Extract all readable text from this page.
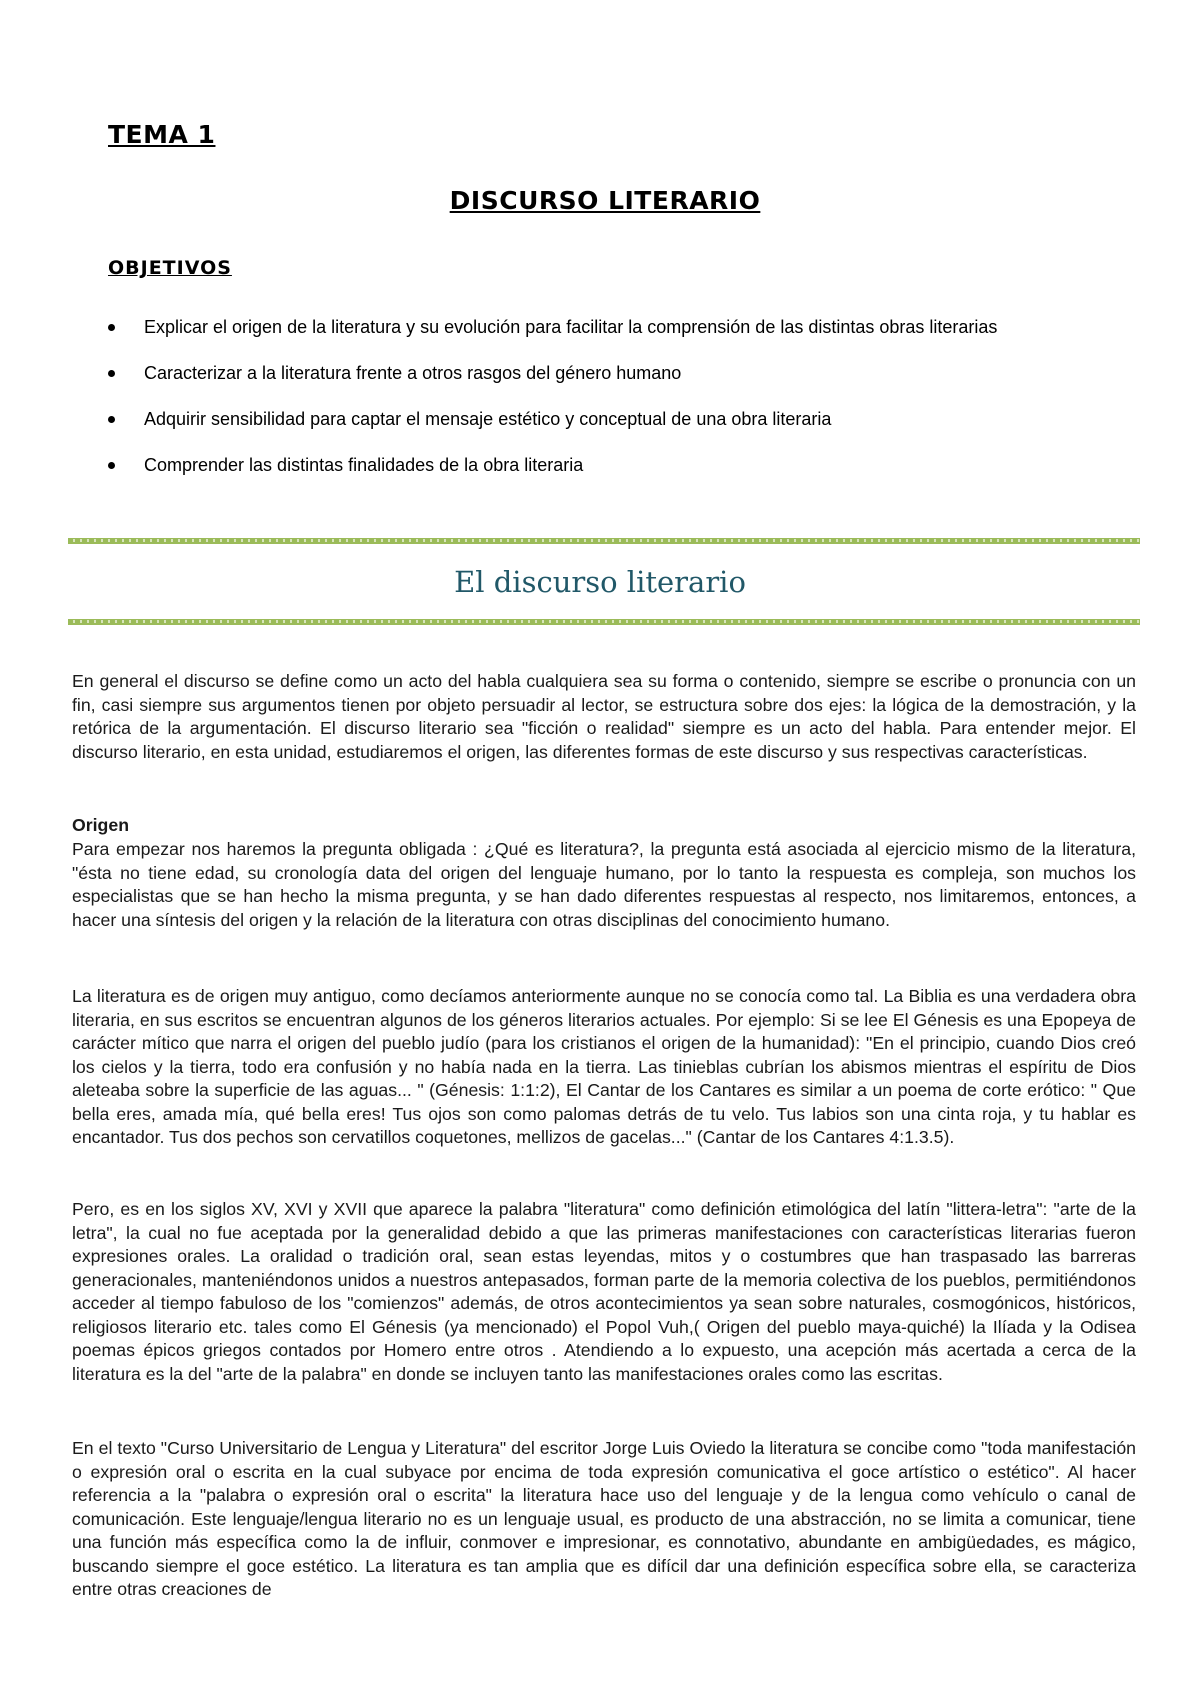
TEMA 1
DISCURSO LITERARIO
OBJETIVOS
Explicar el origen de la literatura y su evolución para facilitar la comprensión de las distintas obras literarias
Caracterizar a la literatura frente a otros rasgos del género humano
Adquirir sensibilidad para captar el mensaje estético y conceptual de una obra literaria
Comprender las distintas finalidades de la obra literaria
El discurso literario

En general el discurso se define como un acto del habla cualquiera sea su forma o contenido, siempre se escribe o pronuncia con un fin, casi siempre sus argumentos tienen por objeto persuadir al lector, se estructura sobre dos ejes: la lógica de la demostración, y la retórica de la argumentación. El discurso literario sea "ficción o realidad" siempre es un acto del habla. Para entender mejor. El discurso literario, en esta unidad, estudiaremos el origen, las diferentes formas de este discurso y sus respectivas características.

Origen

Para empezar nos haremos la pregunta obligada : ¿Qué es literatura?, la pregunta está asociada al ejercicio mismo de la literatura, "ésta no tiene edad, su cronología data del origen del lenguaje humano, por lo tanto la respuesta es compleja, son muchos los especialistas que se han hecho la misma pregunta, y se han dado diferentes respuestas al respecto, nos limitaremos, entonces, a hacer una síntesis del origen y la relación de la literatura con otras disciplinas del conocimiento humano.

La literatura es de origen muy antiguo, como decíamos anteriormente aunque no se conocía como tal. La Biblia es una verdadera obra literaria, en sus escritos se encuentran algunos de los géneros literarios actuales. Por ejemplo: Si se lee El Génesis es una Epopeya de carácter mítico que narra el origen del pueblo judío (para los cristianos el origen de la humanidad): "En el principio, cuando Dios creó los cielos y la tierra, todo era confusión y no había nada en la tierra. Las tinieblas cubrían los abismos mientras el espíritu de Dios aleteaba sobre la superficie de las aguas... " (Génesis: 1:1:2), El Cantar de los Cantares es similar a un poema de corte erótico: " Que bella eres, amada mía, qué bella eres! Tus ojos son como palomas detrás de tu velo. Tus labios son una cinta roja, y tu hablar es encantador. Tus dos pechos son cervatillos coquetones, mellizos de gacelas..." (Cantar de los Cantares 4:1.3.5).

Pero, es en los siglos XV, XVI y XVII que aparece la palabra "literatura" como definición etimológica del latín "littera-letra": "arte de la letra", la cual no fue aceptada por la generalidad debido a que las primeras manifestaciones con características literarias fueron expresiones orales. La oralidad o tradición oral, sean estas leyendas, mitos y o costumbres que han traspasado las barreras generacionales, manteniéndonos unidos a nuestros antepasados, forman parte de la memoria colectiva de los pueblos, permitiéndonos acceder al tiempo fabuloso de los "comienzos" además, de otros acontecimientos ya sean sobre naturales, cosmogónicos, históricos, religiosos literario etc. tales como El Génesis (ya mencionado) el Popol Vuh,( Origen del pueblo maya-quiché) la Ilíada y la Odisea poemas épicos griegos contados por Homero entre otros . Atendiendo a lo expuesto, una acepción más acertada a cerca de la literatura es la del "arte de la palabra" en donde se incluyen tanto las manifestaciones orales como las escritas.

En el texto "Curso Universitario de Lengua y Literatura" del escritor Jorge Luis Oviedo la literatura se concibe como "toda manifestación o expresión oral o escrita en la cual subyace por encima de toda expresión comunicativa el goce artístico o estético". Al hacer referencia a la "palabra o expresión oral o escrita" la literatura hace uso del lenguaje y de la lengua como vehículo o canal de comunicación. Este lenguaje/lengua literario no es un lenguaje usual, es producto de una abstracción, no se limita a comunicar, tiene una función más específica como la de influir, conmover e impresionar, es connotativo, abundante en ambigüedades, es mágico, buscando siempre el goce estético. La literatura es tan amplia que es difícil dar una definición específica sobre ella, se caracteriza entre otras creaciones de
